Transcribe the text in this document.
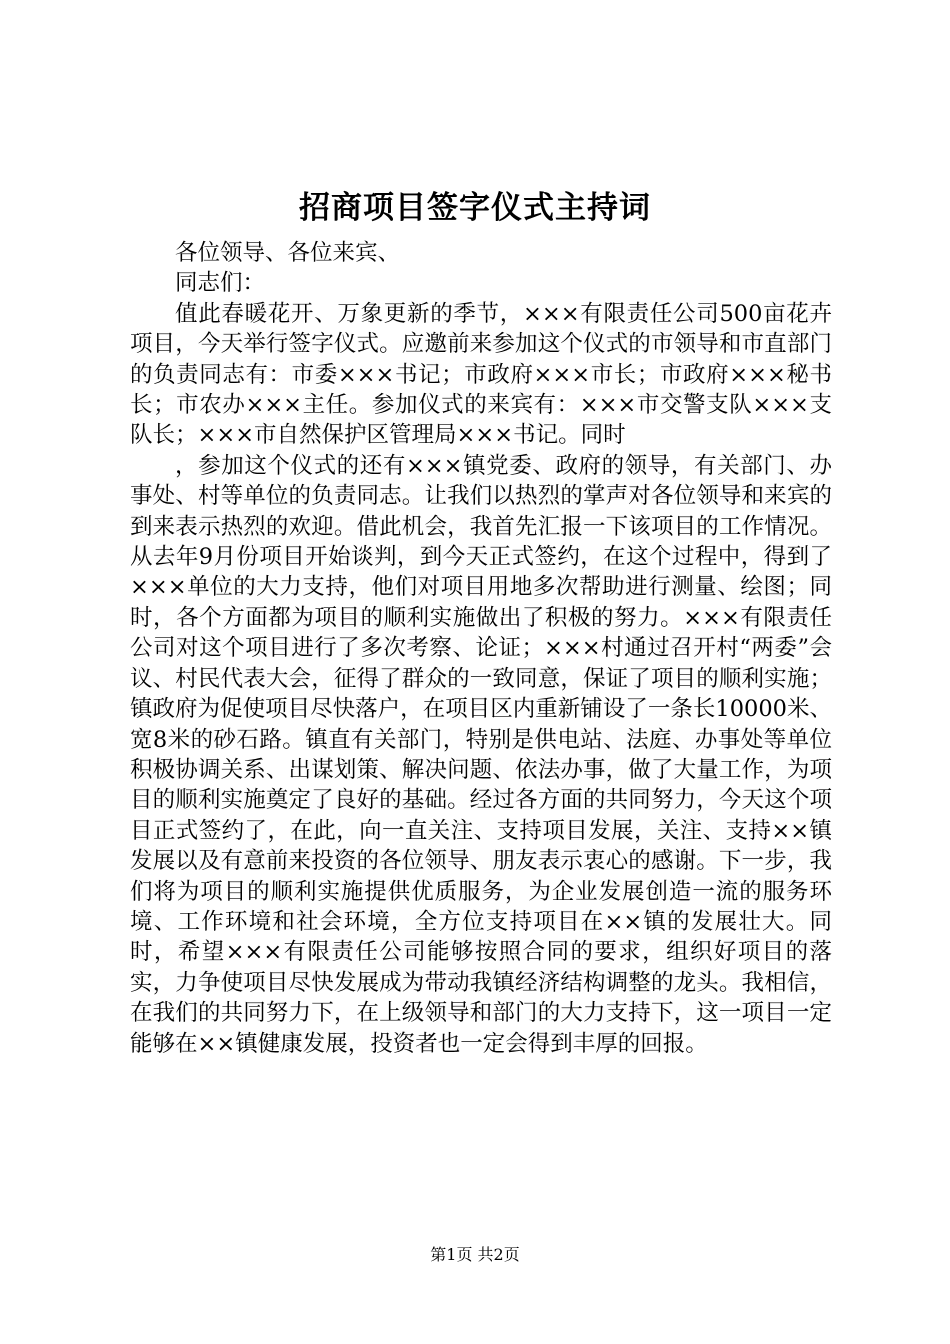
招商项目签字仪式主持词

各位领导、各位来宾、

同志们：

值此春暖花开、万象更新的季节，×××有限责任公司500亩花卉项目，今天举行签字仪式。应邀前来参加这个仪式的市领导和市直部门的负责同志有：市委×××书记；市政府×××市长；市政府×××秘书长；市农办×××主任。参加仪式的来宾有：×××市交警支队×××支队长；×××市自然保护区管理局×××书记。同时

，参加这个仪式的还有×××镇党委、政府的领导，有关部门、办事处、村等单位的负责同志。让我们以热烈的掌声对各位领导和来宾的到来表示热烈的欢迎。借此机会，我首先汇报一下该项目的工作情况。从去年9月份项目开始谈判，到今天正式签约，在这个过程中，得到了×××单位的大力支持，他们对项目用地多次帮助进行测量、绘图；同时，各个方面都为项目的顺利实施做出了积极的努力。×××有限责任公司对这个项目进行了多次考察、论证；×××村通过召开村“两委”会议、村民代表大会，征得了群众的一致同意，保证了项目的顺利实施；镇政府为促使项目尽快落户，在项目区内重新铺设了一条长10000米、宽8米的砂石路。镇直有关部门，特别是供电站、法庭、办事处等单位积极协调关系、出谋划策、解决问题、依法办事，做了大量工作，为项目的顺利实施奠定了良好的基础。经过各方面的共同努力，今天这个项目正式签约了，在此，向一直关注、支持项目发展，关注、支持××镇发展以及有意前来投资的各位领导、朋友表示衷心的感谢。下一步，我们将为项目的顺利实施提供优质服务，为企业发展创造一流的服务环境、工作环境和社会环境，全方位支持项目在××镇的发展壮大。同时，希望×××有限责任公司能够按照合同的要求，组织好项目的落实，力争使项目尽快发展成为带动我镇经济结构调整的龙头。我相信，在我们的共同努力下，在上级领导和部门的大力支持下，这一项目一定能够在××镇健康发展，投资者也一定会得到丰厚的回报。

第1页 共2页
